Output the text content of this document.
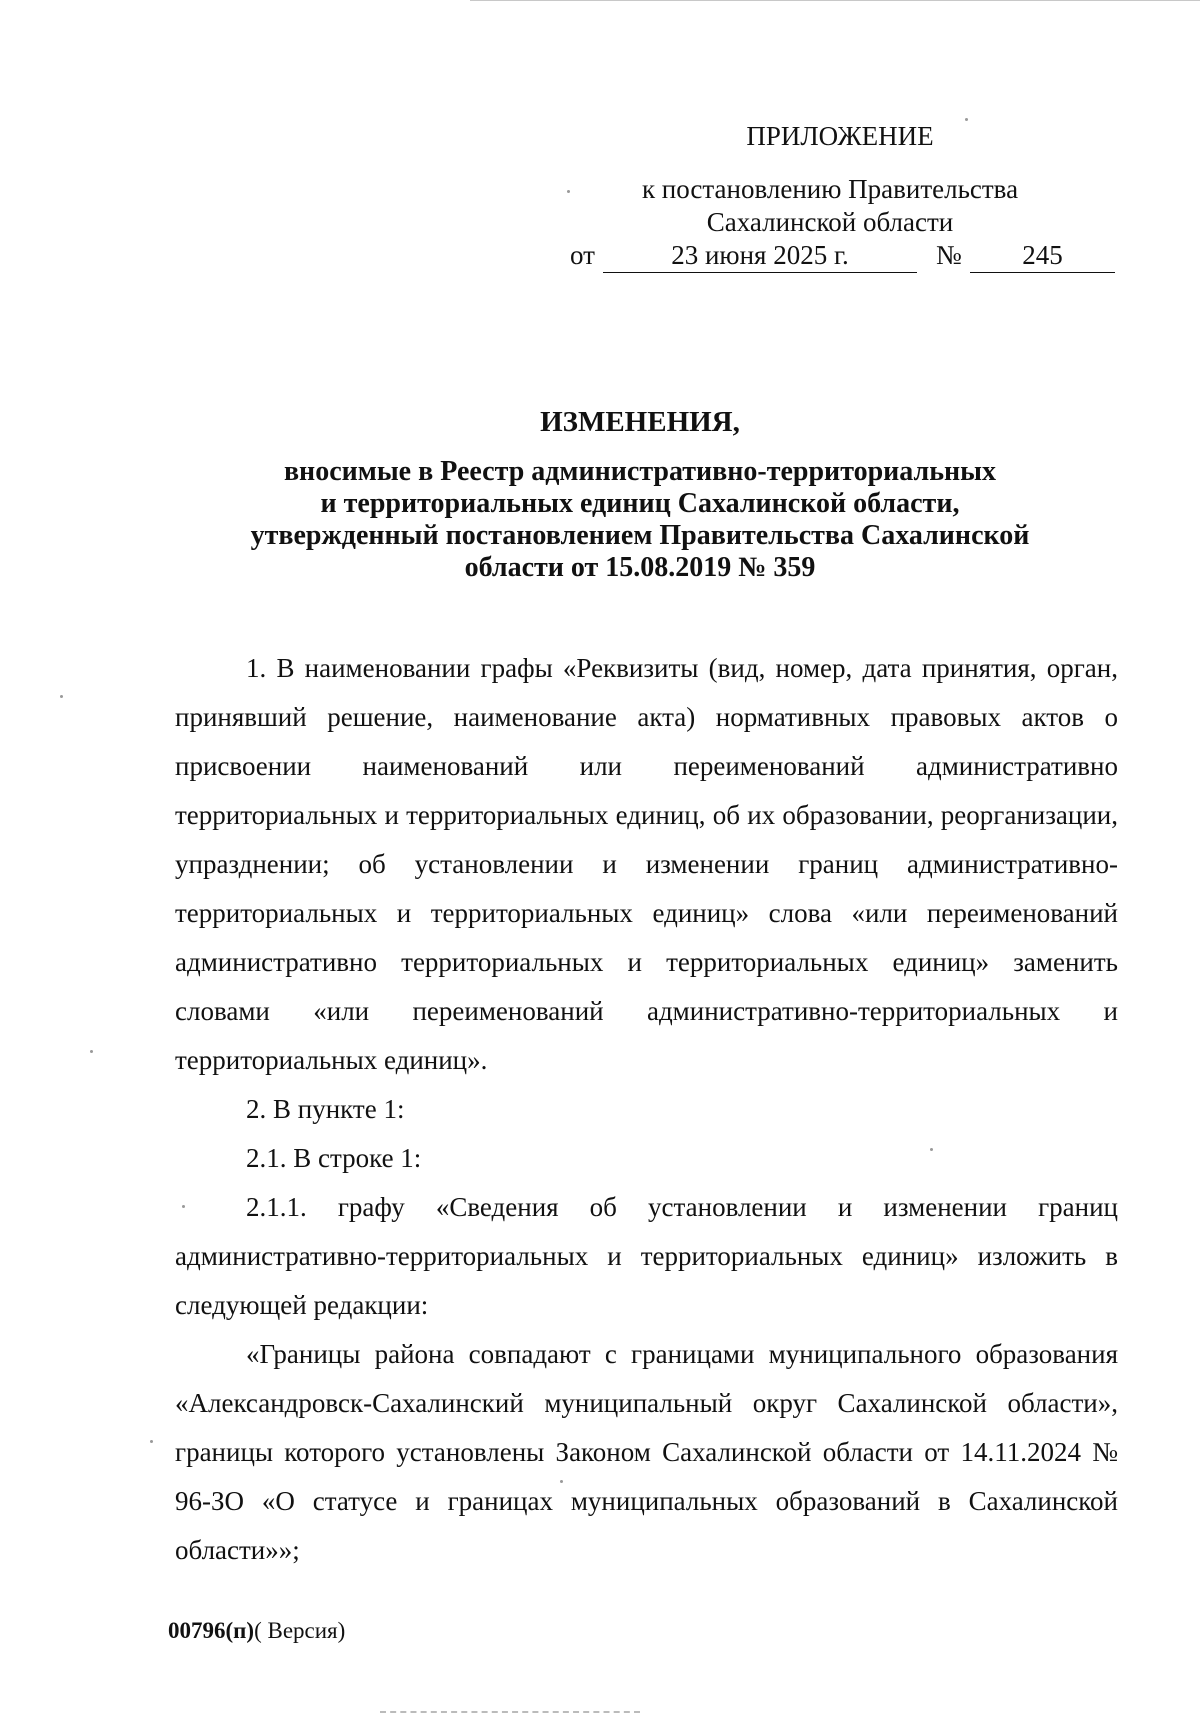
ПРИЛОЖЕНИЕ
к постановлению Правительства
Сахалинской области
от	23 июня 2025 г.	№	245
ИЗМЕНЕНИЯ,
вносимые в Реестр административно-территориальных
и территориальных единиц Сахалинской области,
утвержденный постановлением Правительства Сахалинской
области от 15.08.2019 № 359

1. В наименовании графы «Реквизиты (вид, номер, дата принятия, орган, принявший решение, наименование акта) нормативных правовых актов о присвоении наименований или переименований административно территориальных и территориальных единиц, об их образовании, реорганизации, упразднении; об установлении и изменении границ административно-территориальных и территориальных единиц» слова «или переименований административно территориальных и территориальных единиц» заменить словами «или переименований административно-территориальных и территориальных единиц».

2. В пункте 1:

2.1. В строке 1:

2.1.1. графу «Сведения об установлении и изменении границ административно-территориальных и территориальных единиц» изложить в следующей редакции:

«Границы района совпадают с границами муниципального образования «Александровск-Сахалинский муниципальный округ Сахалинской области», границы которого установлены Законом Сахалинской области от 14.11.2024 № 96-ЗО «О статусе и границах муниципальных образований в Сахалинской области»»;

00796(п)( Версия)
